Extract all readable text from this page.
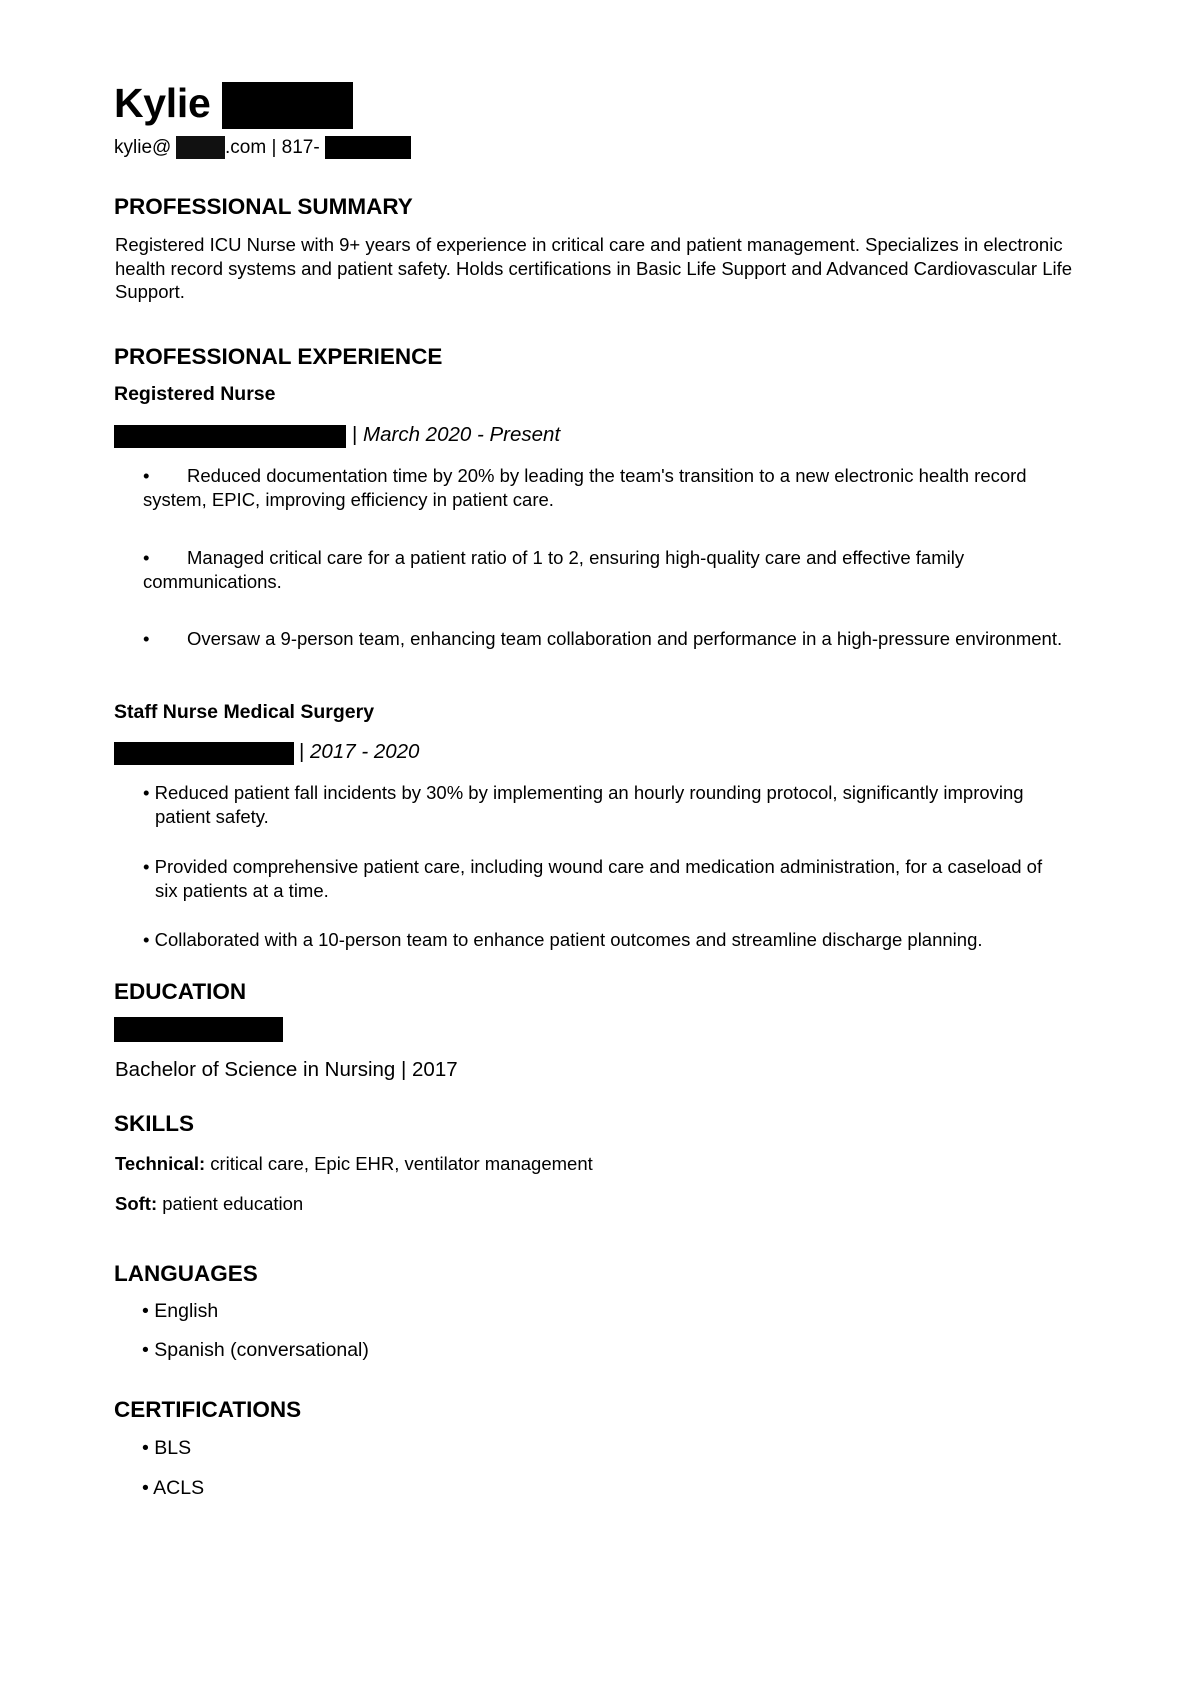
Kylie
kylie@	.com | 817-
PROFESSIONAL SUMMARY
Registered ICU Nurse with 9+ years of experience in critical care and patient management. Specializes in electronic health record systems and patient safety. Holds certifications in Basic Life Support and Advanced Cardiovascular Life Support.
PROFESSIONAL EXPERIENCE
Registered Nurse
| March 2020 - Present
• Reduced documentation time by 20% by leading the team's transition to a new electronic health record system, EPIC, improving efficiency in patient care.
• Managed critical care for a patient ratio of 1 to 2, ensuring high-quality care and effective family communications.
• Oversaw a 9-person team, enhancing team collaboration and performance in a high-pressure environment.
Staff Nurse Medical Surgery
| 2017 - 2020
• Reduced patient fall incidents by 30% by implementing an hourly rounding protocol, significantly improving patient safety.
• Provided comprehensive patient care, including wound care and medication administration, for a caseload of six patients at a time.
• Collaborated with a 10-person team to enhance patient outcomes and streamline discharge planning.
EDUCATION
Bachelor of Science in Nursing | 2017
SKILLS
Technical: critical care, Epic EHR, ventilator management
Soft: patient education
LANGUAGES
• English
• Spanish (conversational)
CERTIFICATIONS
• BLS
• ACLS
